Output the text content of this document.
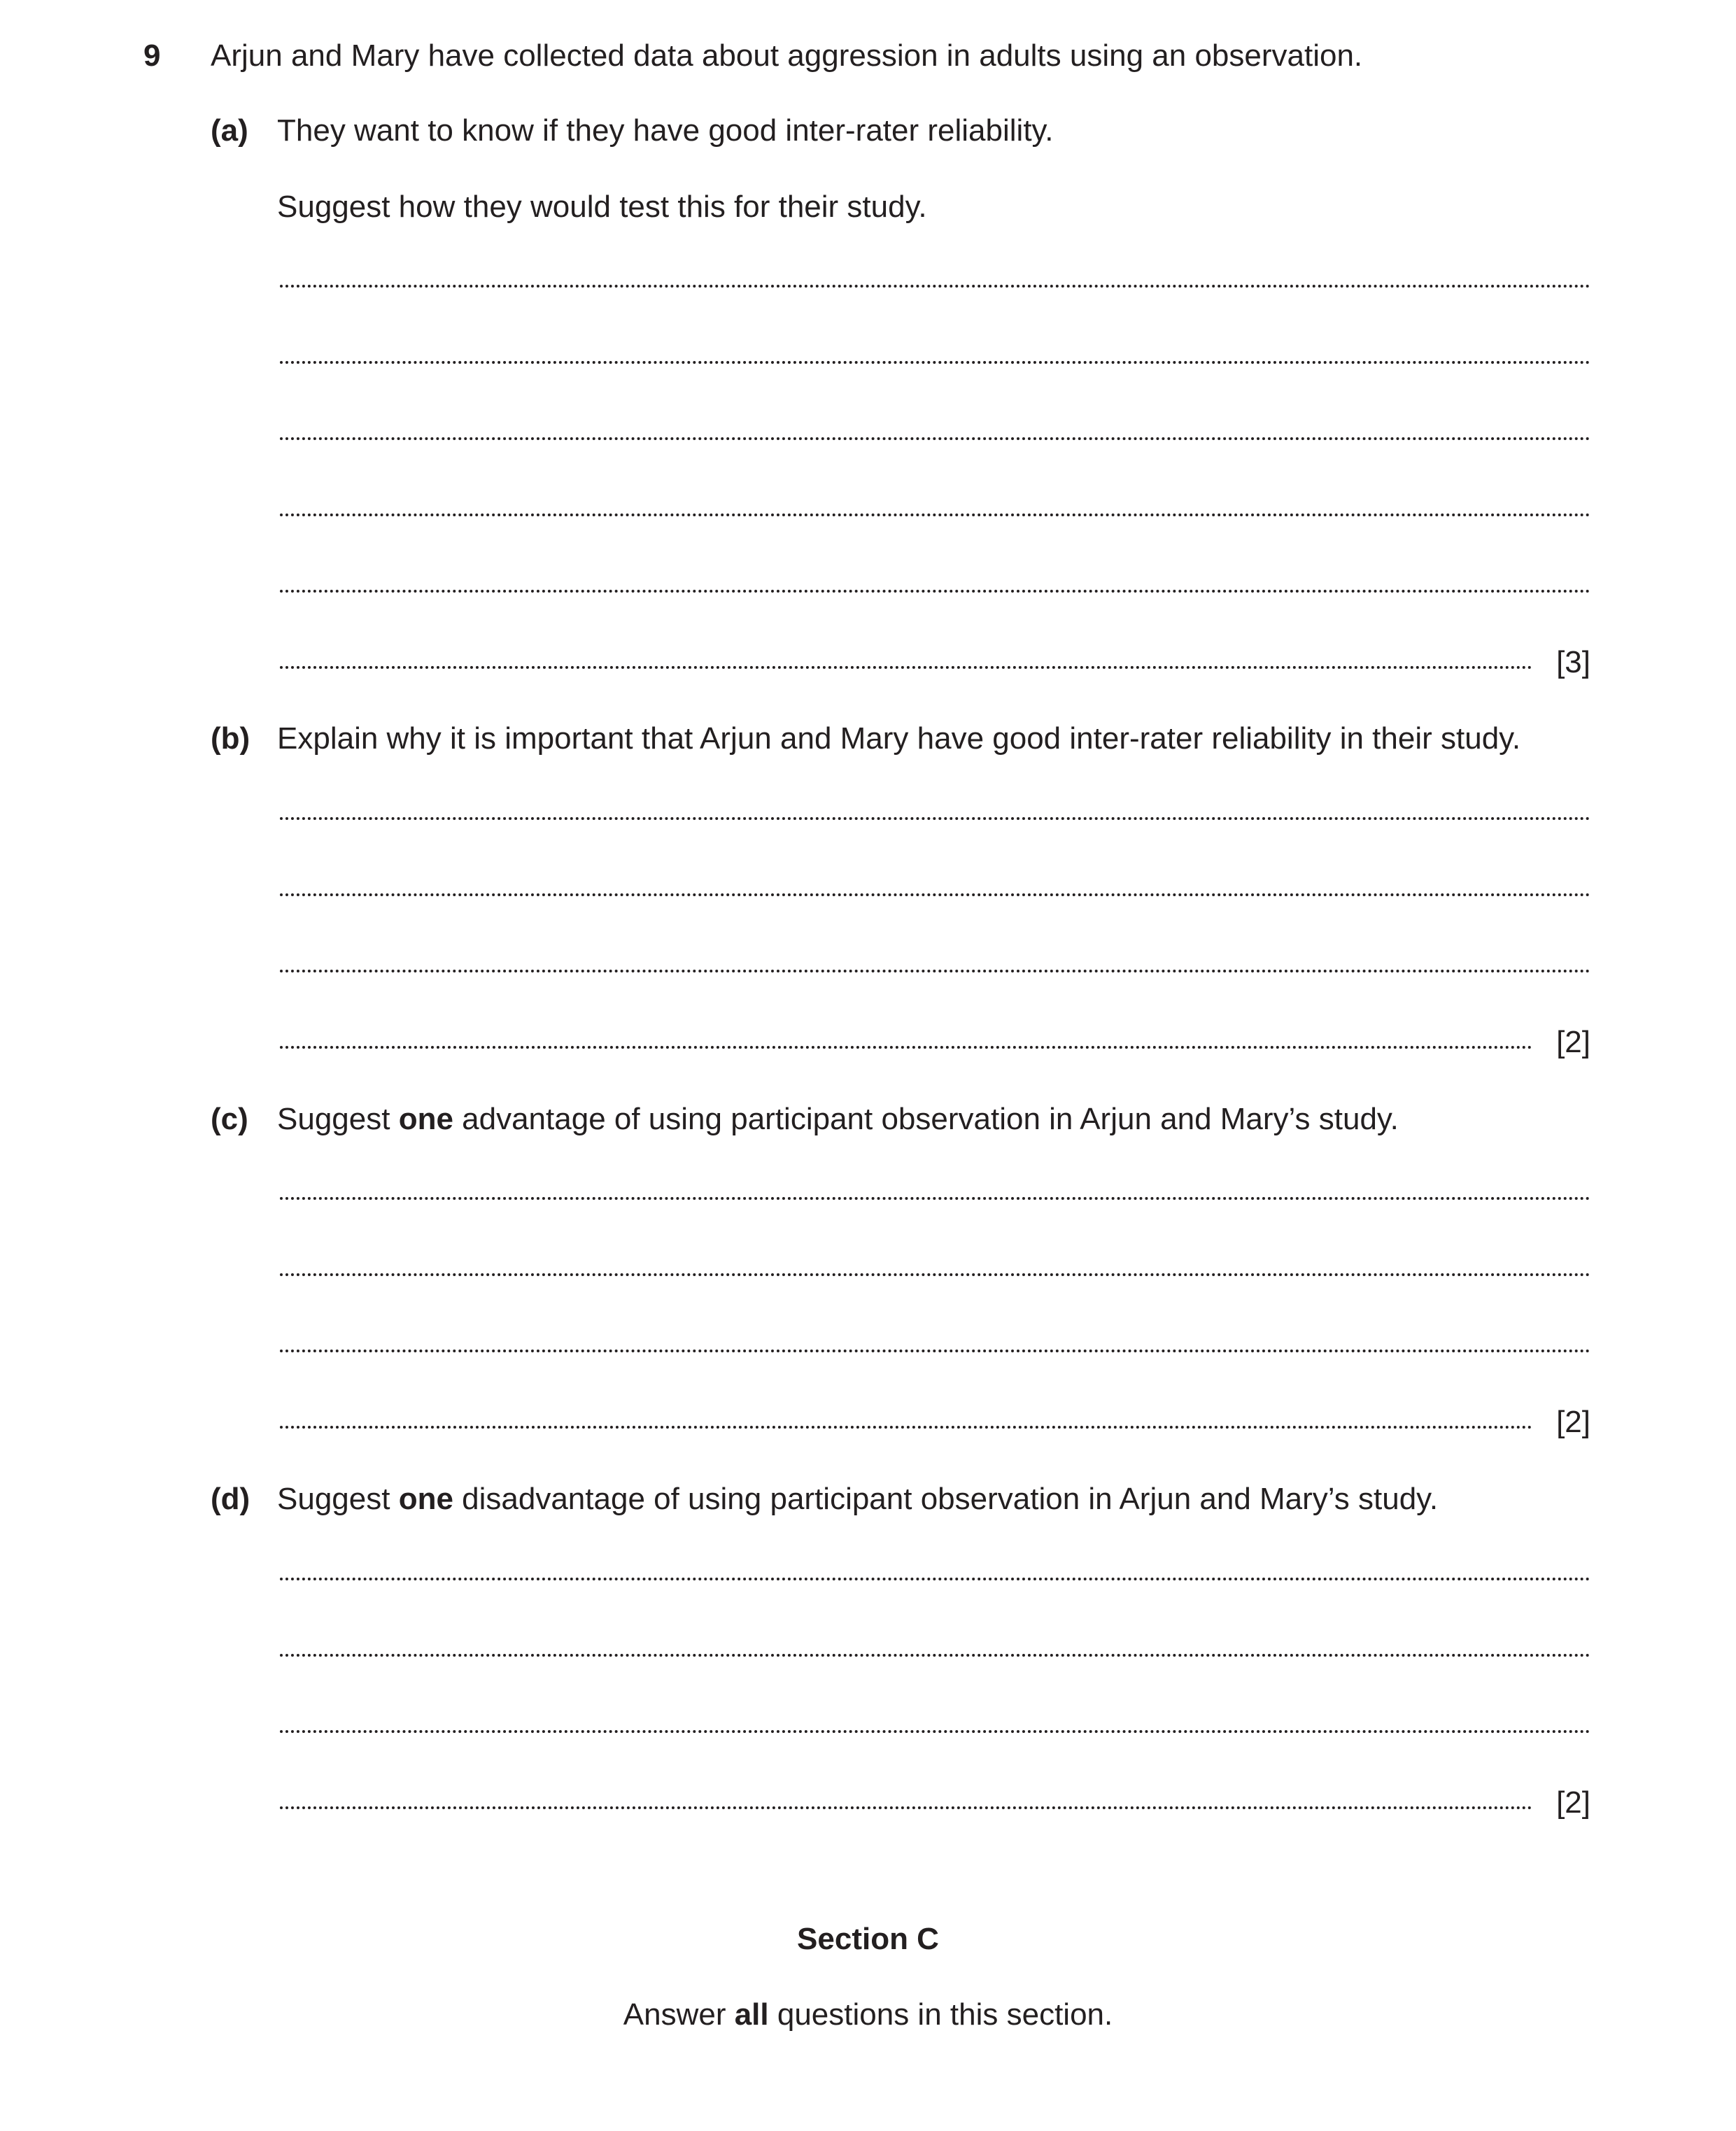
9 Arjun and Mary have collected data about aggression in adults using an observation.
(a) They want to know if they have good inter-rater reliability.
Suggest how they would test this for their study.
[3]
(b) Explain why it is important that Arjun and Mary have good inter-rater reliability in their study.
[2]
(c) Suggest one advantage of using participant observation in Arjun and Mary’s study.
[2]
(d) Suggest one disadvantage of using participant observation in Arjun and Mary’s study.
[2]
Section C
Answer all questions in this section.
